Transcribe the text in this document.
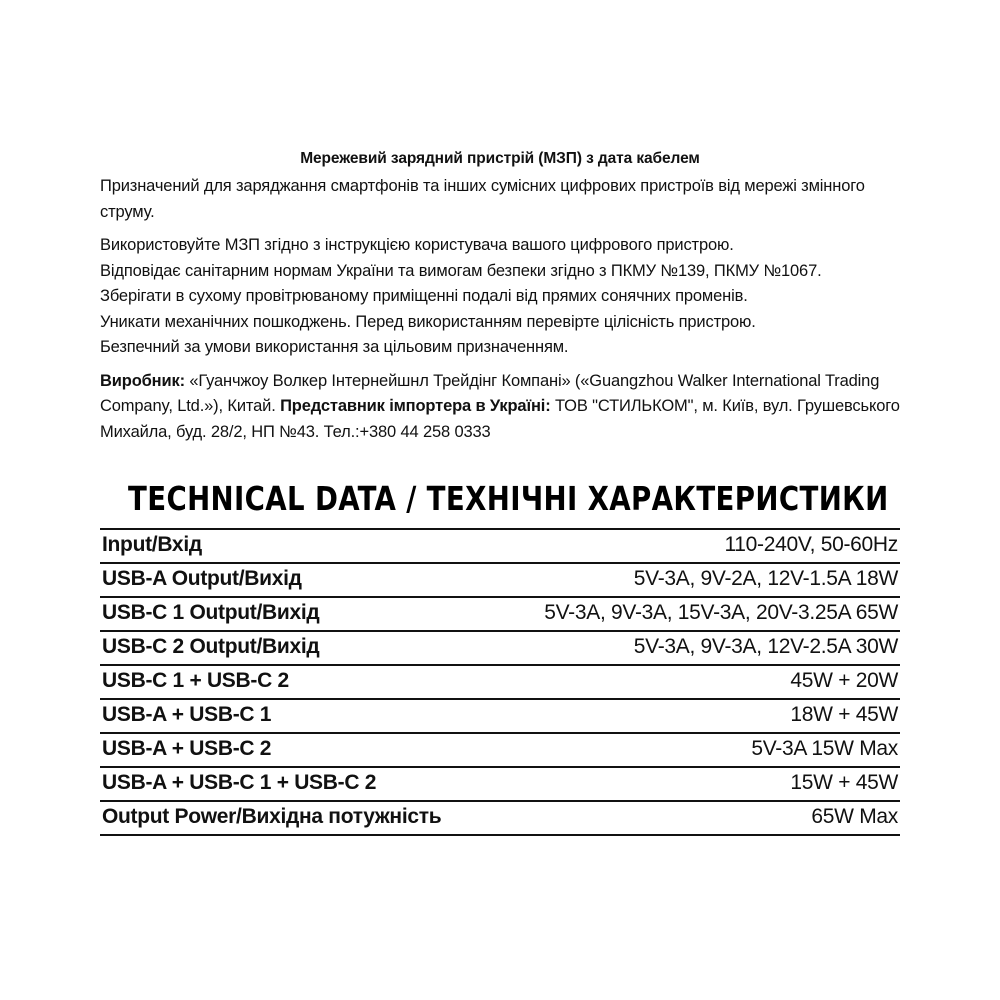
Мережевий зарядний пристрій (МЗП) з дата кабелем

Призначений для заряджання смартфонів та інших сумісних цифрових пристроїв від мережі змінного струму.

Використовуйте МЗП згідно з інструкцією користувача вашого цифрового пристрою.

Відповідає санітарним нормам України та вимогам безпеки згідно з ПКМУ №139, ПКМУ №1067.

Зберігати в сухому провітрюваному приміщенні подалі від прямих сонячних променів.

Уникати механічних пошкоджень. Перед використанням перевірте цілісність пристрою.

Безпечний за умови використання за цільовим призначенням.

Виробник: «Гуанчжоу Волкер Інтернейшнл Трейдінг Компані» («Guangzhou Walker International Trading Company, Ltd.»), Китай. Представник імпортера в Україні: ТОВ "СТИЛЬКОМ", м. Київ, вул. Грушевського Михайла, буд. 28/2, НП №43. Тел.:+380 44 258 0333

TECHNICAL DATA / ТЕХНІЧНІ ХАРАКТЕРИСТИКИ
Input/Вхід	110-240V, 50-60Hz
USB-A Output/Вихід	5V-3A, 9V-2A, 12V-1.5A 18W
USB-C 1 Output/Вихід	5V-3A, 9V-3A, 15V-3A, 20V-3.25A 65W
USB-C 2 Output/Вихід	5V-3A, 9V-3A, 12V-2.5A 30W
USB-C 1 + USB-C 2	45W + 20W
USB-A + USB-C 1	18W + 45W
USB-A + USB-C 2	5V-3A 15W Max
USB-A + USB-C 1 + USB-C 2	15W + 45W
Output Power/Вихідна потужність	65W Max
